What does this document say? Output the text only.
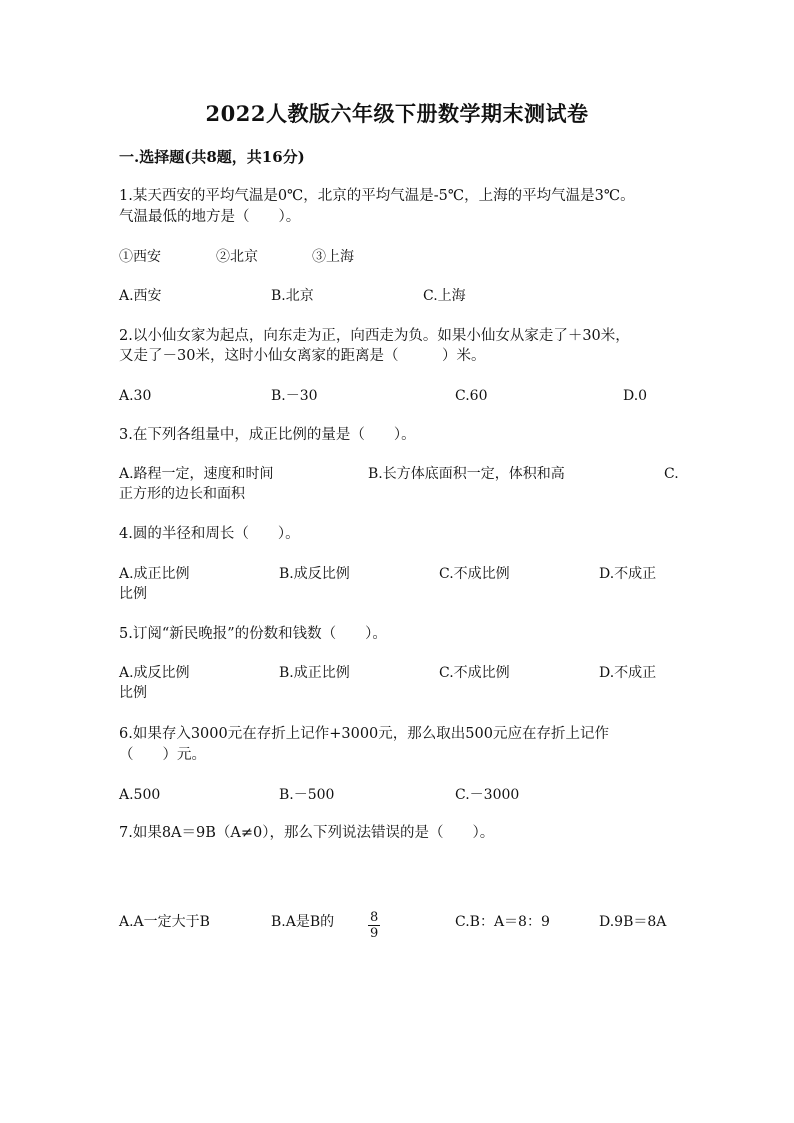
2022人教版六年级下册数学期末测试卷
一.选择题(共8题，共16分)
1.某天西安的平均气温是0℃，北京的平均气温是-5℃，上海的平均气温是3℃。
气温最低的地方是（　　）。
①西安	②北京	③上海
A.西安	B.北京	C.上海
2.以小仙女家为起点，向东走为正，向西走为负。如果小仙女从家走了＋30米，
又走了－30米，这时小仙女离家的距离是（　　　）米。
A.30	B.－30	C.60	D.0
3.在下列各组量中，成正比例的量是（　　）。
A.路程一定，速度和时间	B.长方体底面积一定，体积和高	C.
正方形的边长和面积
4.圆的半径和周长（　　）。
A.成正比例	B.成反比例	C.不成比例	D.不成正
比例
5.订阅“新民晚报”的份数和钱数（　　）。
A.成反比例	B.成正比例	C.不成比例	D.不成正
比例
6.如果存入3000元在存折上记作+3000元，那么取出500元应在存折上记作
（　　）元。
A.500	B.－500	C.－3000
7.如果8A＝9B（A≠0），那么下列说法错误的是（　　）。
A.A一定大于B	B.A是B的	$\frac{8}{9}$	C.B：A＝8：9	D.9B＝8A
